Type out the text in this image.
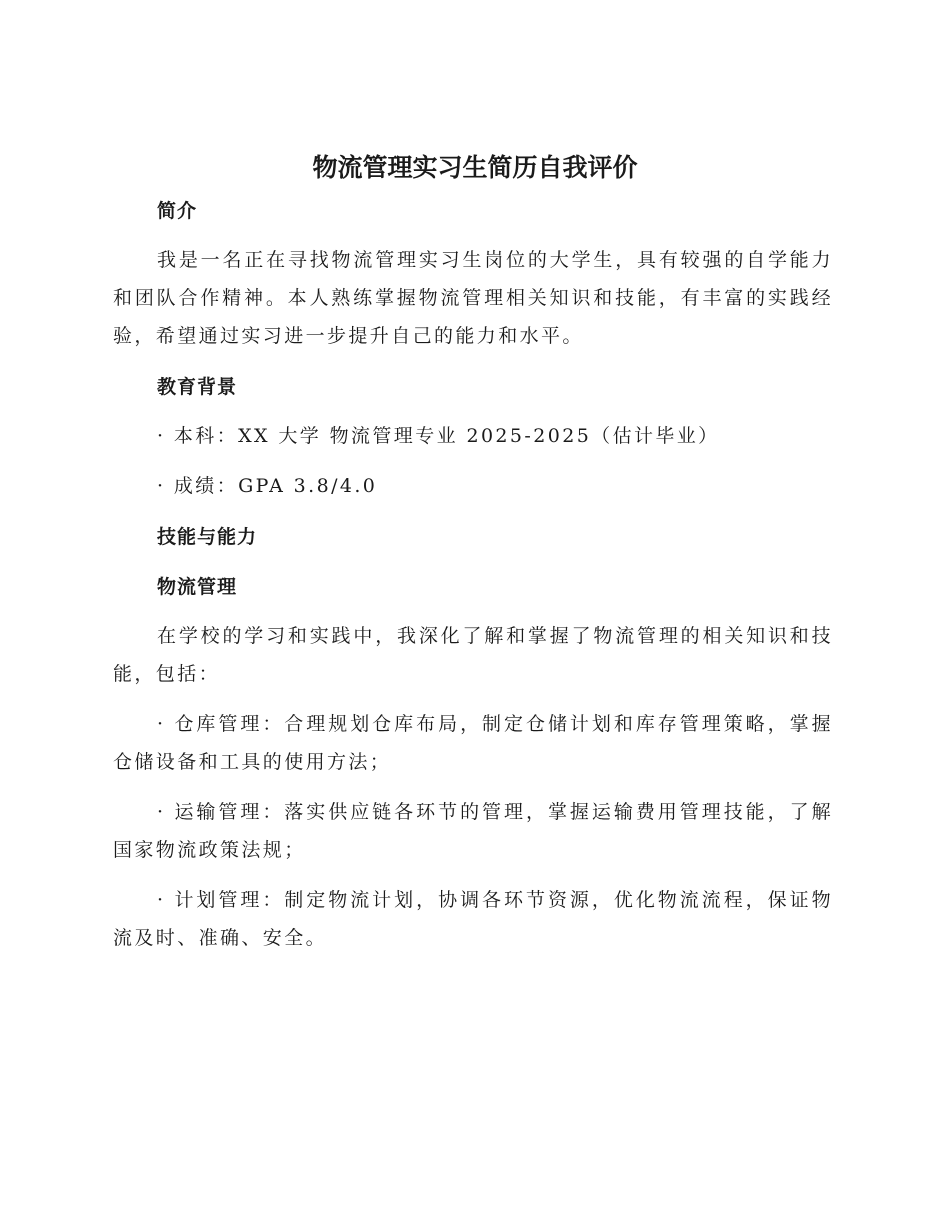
物流管理实习生简历自我评价
简介

我是一名正在寻找物流管理实习生岗位的大学生，具有较强的自学能力和团队合作精神。本人熟练掌握物流管理相关知识和技能，有丰富的实践经验，希望通过实习进一步提升自己的能力和水平。

教育背景

· 本科：XX 大学 物流管理专业 2025-2025（估计毕业）

· 成绩：GPA 3.8/4.0

技能与能力
物流管理

在学校的学习和实践中，我深化了解和掌握了物流管理的相关知识和技能，包括：

· 仓库管理：合理规划仓库布局，制定仓储计划和库存管理策略，掌握仓储设备和工具的使用方法；

· 运输管理：落实供应链各环节的管理，掌握运输费用管理技能，了解国家物流政策法规；

· 计划管理：制定物流计划，协调各环节资源，优化物流流程，保证物流及时、准确、安全。
